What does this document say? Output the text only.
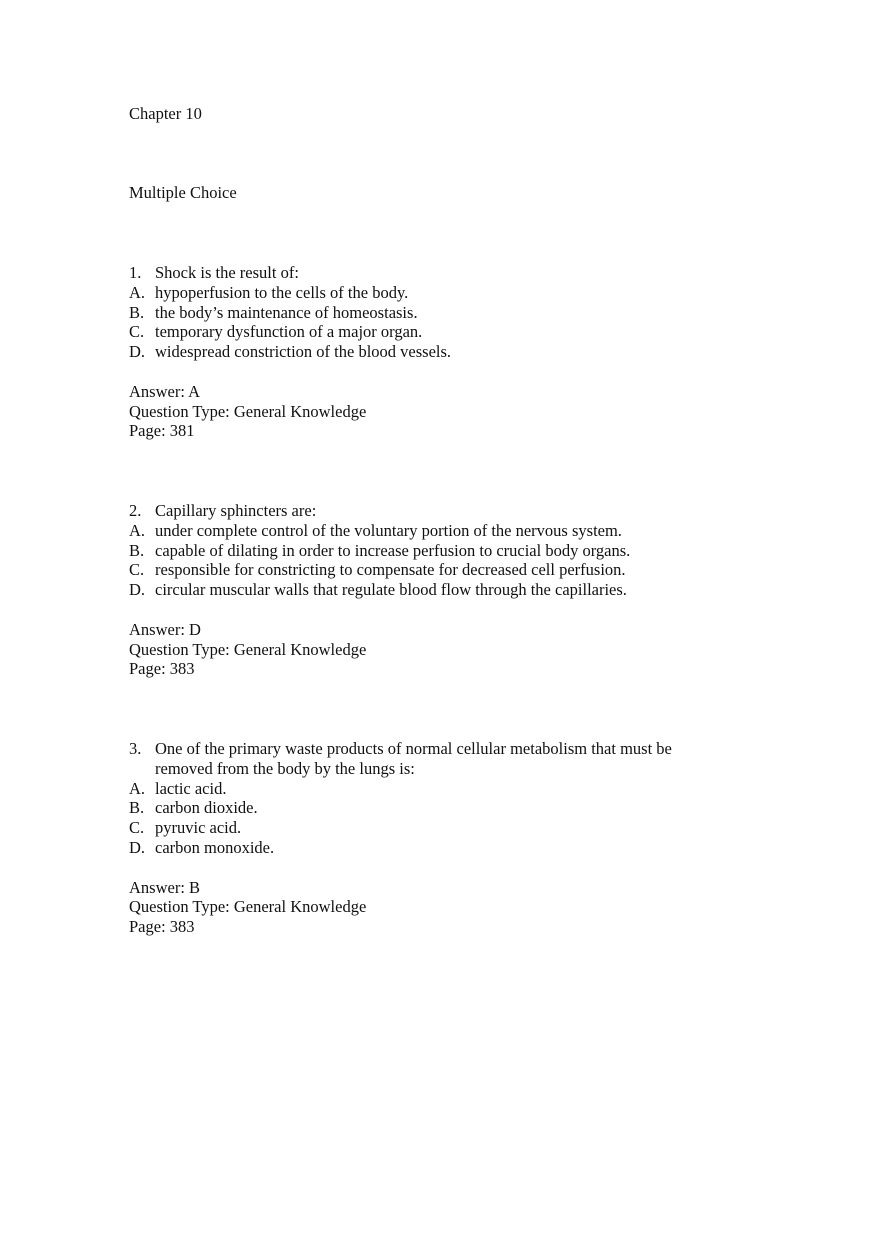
Chapter 10
Multiple Choice
1. Shock is the result of:
A. hypoperfusion to the cells of the body.
B. the body’s maintenance of homeostasis.
C. temporary dysfunction of a major organ.
D. widespread constriction of the blood vessels.
Answer: A
Question Type: General Knowledge
Page: 381
2. Capillary sphincters are:
A. under complete control of the voluntary portion of the nervous system.
B. capable of dilating in order to increase perfusion to crucial body organs.
C. responsible for constricting to compensate for decreased cell perfusion.
D. circular muscular walls that regulate blood flow through the capillaries.
Answer: D
Question Type: General Knowledge
Page: 383
3. One of the primary waste products of normal cellular metabolism that must be
removed from the body by the lungs is:
A. lactic acid.
B. carbon dioxide.
C. pyruvic acid.
D. carbon monoxide.
Answer: B
Question Type: General Knowledge
Page: 383
